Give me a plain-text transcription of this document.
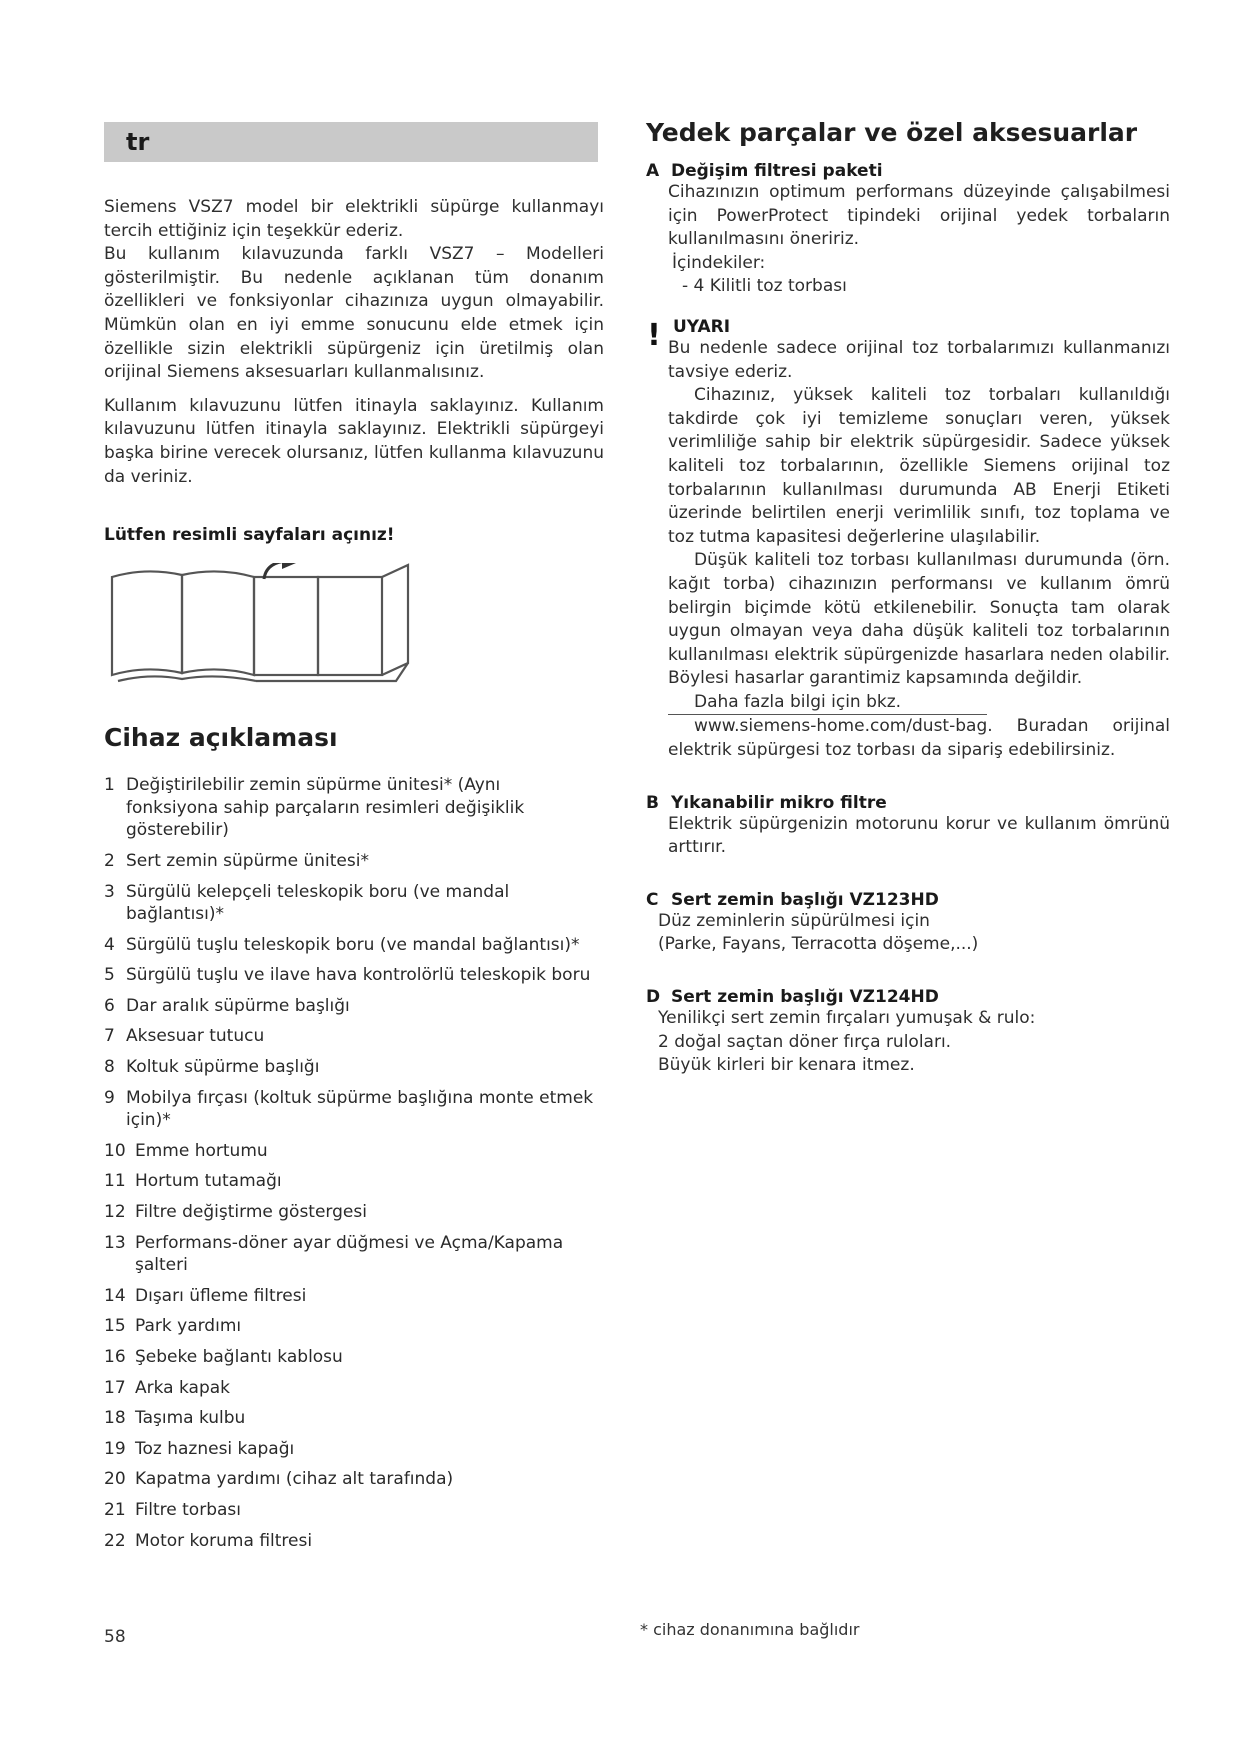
tr

Siemens VSZ7 model bir elektrikli süpürge kullanmayı tercih ettiğiniz için teşekkür ederiz.

Bu kullanım kılavuzunda farklı VSZ7 – Modelleri gösterilmiştir. Bu nedenle açıklanan tüm donanım özellikleri ve fonksiyonlar cihazınıza uygun olmayabilir. Mümkün olan en iyi emme sonucunu elde etmek için özellikle sizin elektrikli süpürgeniz için üretilmiş olan orijinal Siemens aksesuarları kullanmalısınız.

Kullanım kılavuzunu lütfen itinayla saklayınız. Kullanım kılavuzunu lütfen itinayla saklayınız. Elektrikli süpürgeyi başka birine verecek olursanız, lütfen kullanma kılavuzunu da veriniz.

Lütfen resimli sayfaları açınız!

Cihaz açıklaması
1 Değiştirilebilir zemin süpürme ünitesi* (Aynı fonksiyona sahip parçaların resimleri değişiklik gösterebilir)
2 Sert zemin süpürme ünitesi*
3 Sürgülü kelepçeli teleskopik boru (ve mandal bağlantısı)*
4 Sürgülü tuşlu teleskopik boru (ve mandal bağlantısı)*
5 Sürgülü tuşlu ve ilave hava kontrolörlü teleskopik boru
6 Dar aralık süpürme başlığı
7 Aksesuar tutucu
8 Koltuk süpürme başlığı
9 Mobilya fırçası (koltuk süpürme başlığına monte etmek için)*
10 Emme hortumu
11 Hortum tutamağı
12 Filtre değiştirme göstergesi
13 Performans-döner ayar düğmesi ve Açma/Kapama şalteri
14 Dışarı üfleme filtresi
15 Park yardımı
16 Şebeke bağlantı kablosu
17 Arka kapak
18 Taşıma kulbu
19 Toz haznesi kapağı
20 Kapatma yardımı (cihaz alt tarafında)
21 Filtre torbası
22 Motor koruma filtresi
Yedek parçalar ve özel aksesuarlar
A Değişim filtresi paketi

Cihazınızın optimum performans düzeyinde çalışabilmesi için PowerProtect tipindeki orijinal yedek torbaların kullanılmasını öneririz.

İçindekiler:

- 4 Kilitli toz torbası

! UYARI

Bu nedenle sadece orijinal toz torbalarımızı kullanmanızı tavsiye ederiz.

Cihazınız, yüksek kaliteli toz torbaları kullanıldığı takdirde çok iyi temizleme sonuçları veren, yüksek verimliliğe sahip bir elektrik süpürgesidir. Sadece yüksek kaliteli toz torbalarının, özellikle Siemens orijinal toz torbalarının kullanılması durumunda AB Enerji Etiketi üzerinde belirtilen enerji verimlilik sınıfı, toz toplama ve toz tutma kapasitesi değerlerine ulaşılabilir.

Düşük kaliteli toz torbası kullanılması durumunda (örn. kağıt torba) cihazınızın performansı ve kullanım ömrü belirgin biçimde kötü etkilenebilir. Sonuçta tam olarak uygun olmayan veya daha düşük kaliteli toz torbalarının kullanılması elektrik süpürgenizde hasarlara neden olabilir. Böylesi hasarlar garantimiz kapsamında değildir.

Daha fazla bilgi için bkz.

www.siemens-home.com/dust-bag. Buradan orijinal elektrik süpürgesi toz torbası da sipariş edebilirsiniz.

B Yıkanabilir mikro filtre

Elektrik süpürgenizin motorunu korur ve kullanım ömrünü arttırır.

C Sert zemin başlığı VZ123HD

Düz zeminlerin süpürülmesi için

(Parke, Fayans, Terracotta döşeme,...)

D Sert zemin başlığı VZ124HD

Yenilikçi sert zemin fırçaları yumuşak & rulo:

2 doğal saçtan döner fırça ruloları.

Büyük kirleri bir kenara itmez.

58	* cihaz donanımına bağlıdır
